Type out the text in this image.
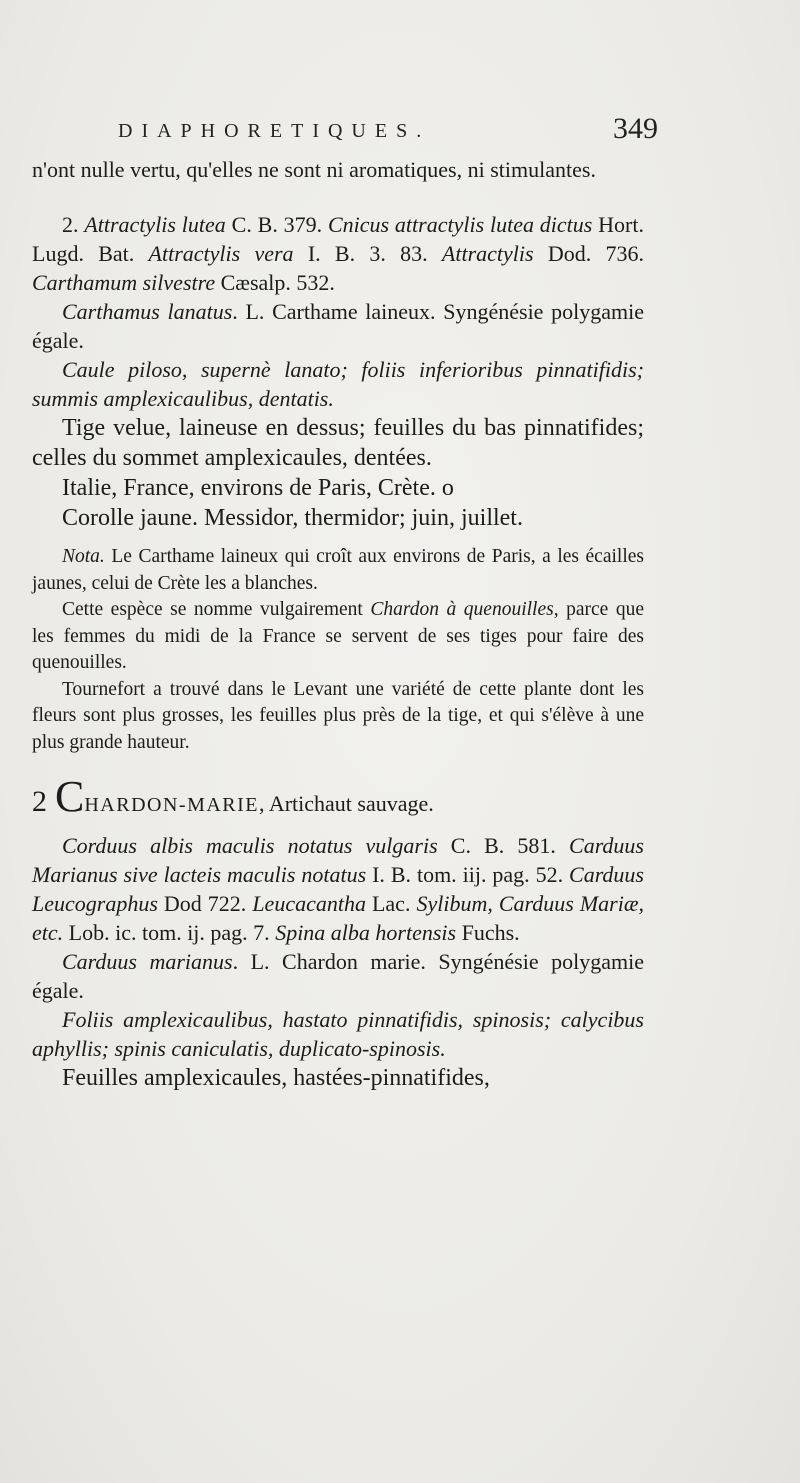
DIAPHORETIQUES.	349

n'ont nulle vertu, qu'elles ne sont ni aromatiques, ni stimulantes.

2. Attractylis lutea C. B. 379. Cnicus attractylis lutea dictus Hort. Lugd. Bat. Attractylis vera I. B. 3. 83. Attractylis Dod. 736. Carthamum silvestre Cæsalp. 532.

Carthamus lanatus. L. Carthame laineux. Syngénésie polygamie égale.

Caule piloso, supernè lanato; foliis inferioribus pinnatifidis; summis amplexicaulibus, dentatis.

Tige velue, laineuse en dessus; feuilles du bas pinnatifides; celles du sommet amplexicaules, dentées.

Italie, France, environs de Paris, Crète. o

Corolle jaune. Messidor, thermidor; juin, juillet.

Nota. Le Carthame laineux qui croît aux environs de Paris, a les écailles jaunes, celui de Crète les a blanches.

Cette espèce se nomme vulgairement Chardon à quenouilles, parce que les femmes du midi de la France se servent de ses tiges pour faire des quenouilles.

Tournefort a trouvé dans le Levant une variété de cette plante dont les fleurs sont plus grosses, les feuilles plus près de la tige, et qui s'élève à une plus grande hauteur.

2 CHARDON-MARIE, Artichaut sauvage.

Corduus albis maculis notatus vulgaris C. B. 581. Carduus Marianus sive lacteis maculis notatus I. B. tom. iij. pag. 52. Carduus Leucographus Dod 722. Leucacantha Lac. Sylibum, Carduus Mariæ, etc. Lob. ic. tom. ij. pag. 7. Spina alba hortensis Fuchs.

Carduus marianus. L. Chardon marie. Syngénésie polygamie égale.

Foliis amplexicaulibus, hastato pinnatifidis, spinosis; calycibus aphyllis; spinis caniculatis, duplicato-spinosis.

Feuilles amplexicaules, hastées-pinnatifides,
